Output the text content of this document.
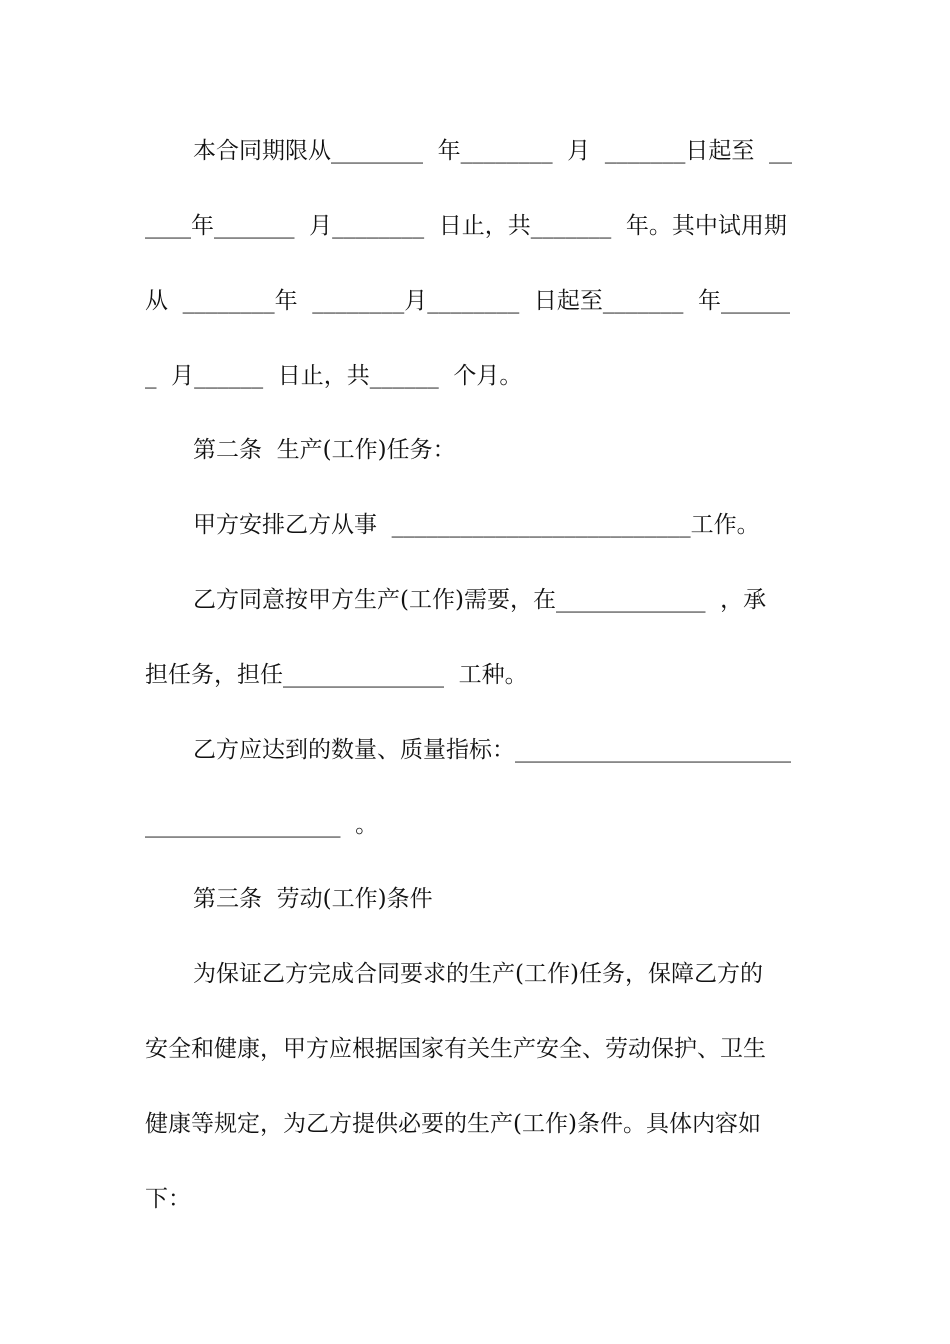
本合同期限从________  年________  月  _______日起至  __
____年_______  月________  日止，共_______  年。其中试用期
从  ________年  ________月________  日起至_______  年______
_  月______  日止，共______  个月。
第二条  生产(工作)任务：
甲方安排乙方从事  __________________________工作。
乙方同意按甲方生产(工作)需要，在_____________  ，承
担任务，担任______________  工种。
乙方应达到的数量、质量指标：________________________
_________________  。
第三条  劳动(工作)条件
为保证乙方完成合同要求的生产(工作)任务，保障乙方的
安全和健康，甲方应根据国家有关生产安全、劳动保护、卫生
健康等规定，为乙方提供必要的生产(工作)条件。具体内容如
下：
